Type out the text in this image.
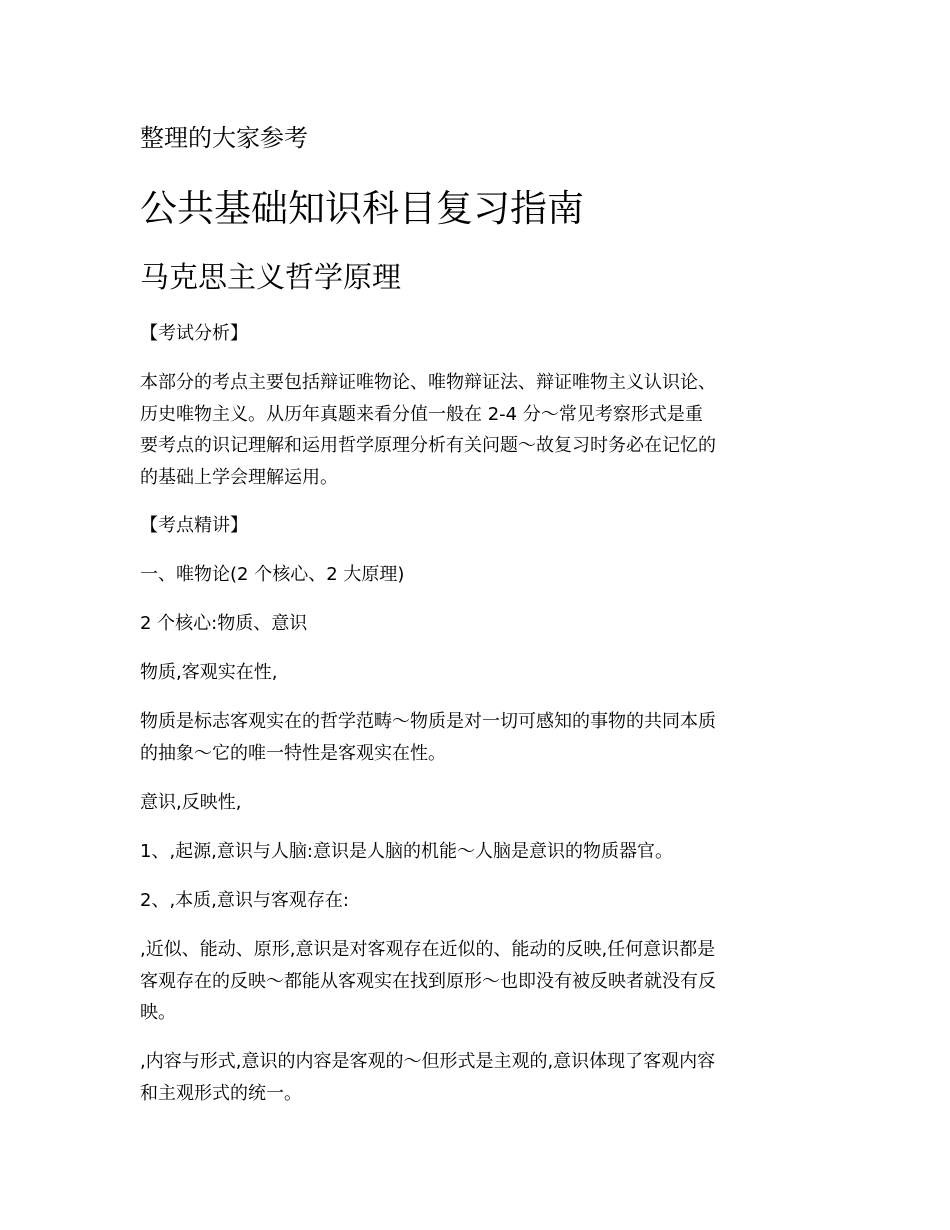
整理的大家参考
公共基础知识科目复习指南
马克思主义哲学原理
【考试分析】
本部分的考点主要包括辩证唯物论、唯物辩证法、辩证唯物主义认识论、
历史唯物主义。从历年真题来看分值一般在 2-4 分～常见考察形式是重
要考点的识记理解和运用哲学原理分析有关问题～故复习时务必在记忆的
的基础上学会理解运用。
【考点精讲】
一、唯物论(2 个核心、2 大原理)
2 个核心:物质、意识
物质,客观实在性,
物质是标志客观实在的哲学范畴～物质是对一切可感知的事物的共同本质
的抽象～它的唯一特性是客观实在性。
意识,反映性,
1、,起源,意识与人脑:意识是人脑的机能～人脑是意识的物质器官。
2、,本质,意识与客观存在:
,近似、能动、原形,意识是对客观存在近似的、能动的反映,任何意识都是
客观存在的反映～都能从客观实在找到原形～也即没有被反映者就没有反
映。
,内容与形式,意识的内容是客观的～但形式是主观的,意识体现了客观内容
和主观形式的统一。
